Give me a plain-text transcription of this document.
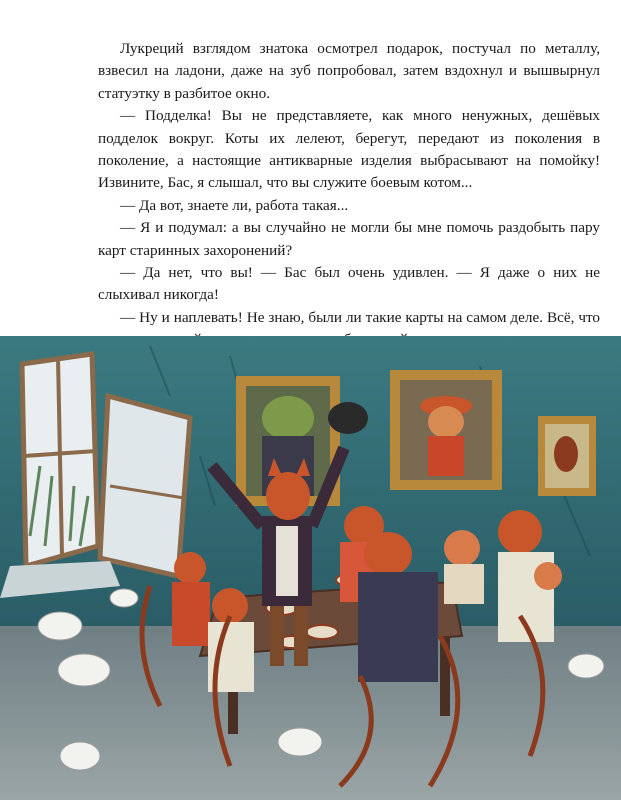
Лукреций взглядом знатока осмотрел подарок, постучал по металлу, взвесил на ладони, даже на зуб попробовал, затем вздохнул и вышвырнул статуэтку в разбитое окно.

— Подделка! Вы не представляете, как много ненужных, дешёвых подделок вокруг. Коты их лелеют, берегут, передают из поколения в поколение, а настоящие антикварные изделия выбрасывают на помойку! Извините, Бас, я слышал, что вы служите боевым котом...

— Да вот, знаете ли, работа такая...

— Я и подумал: а вы случайно не могли бы мне помочь раздобыть пару карт старинных захоронений?

— Да нет, что вы! — Бас был очень удивлен. — Я даже о них не слыхивал никогда!

— Ну и наплевать! Не знаю, были ли такие карты на самом деле. Всё, что
